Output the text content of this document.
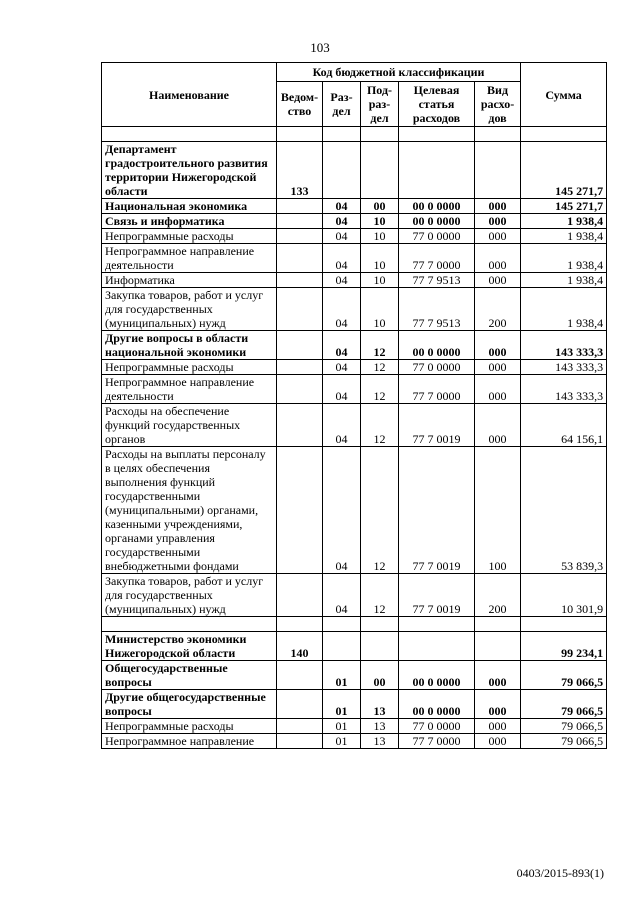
103
Наименование	Код бюджетной классификации					Сумма
	Ведом-ство	Раз-дел	Под-раз-дел	Целевая статья расходов	Вид расхо-дов	

Департамент градостроительного развития территории Нижегородской области	133					145 271,7
Национальная экономика		04	00	00 0 0000	000	145 271,7
Связь и информатика		04	10	00 0 0000	000	1 938,4
Непрограммные расходы		04	10	77 0 0000	000	1 938,4
Непрограммное направление деятельности		04	10	77 7 0000	000	1 938,4
Информатика		04	10	77 7 9513	000	1 938,4
Закупка товаров, работ и услуг для государственных (муниципальных) нужд		04	10	77 7 9513	200	1 938,4
Другие вопросы в области национальной экономики		04	12	00 0 0000	000	143 333,3
Непрограммные расходы		04	12	77 0 0000	000	143 333,3
Непрограммное направление деятельности		04	12	77 7 0000	000	143 333,3
Расходы на обеспечение функций государственных органов		04	12	77 7 0019	000	64 156,1
Расходы на выплаты персоналу в целях обеспечения выполнения функций государственными (муниципальными) органами, казенными учреждениями, органами управления государственными внебюджетными фондами		04	12	77 7 0019	100	53 839,3
Закупка товаров, работ и услуг для государственных (муниципальных) нужд		04	12	77 7 0019	200	10 301,9

Министерство экономики Нижегородской области	140					99 234,1
Общегосударственные вопросы		01	00	00 0 0000	000	79 066,5
Другие общегосударственные вопросы		01	13	00 0 0000	000	79 066,5
Непрограммные расходы		01	13	77 0 0000	000	79 066,5
Непрограммное направление		01	13	77 7 0000	000	79 066,5
0403/2015-893(1)
